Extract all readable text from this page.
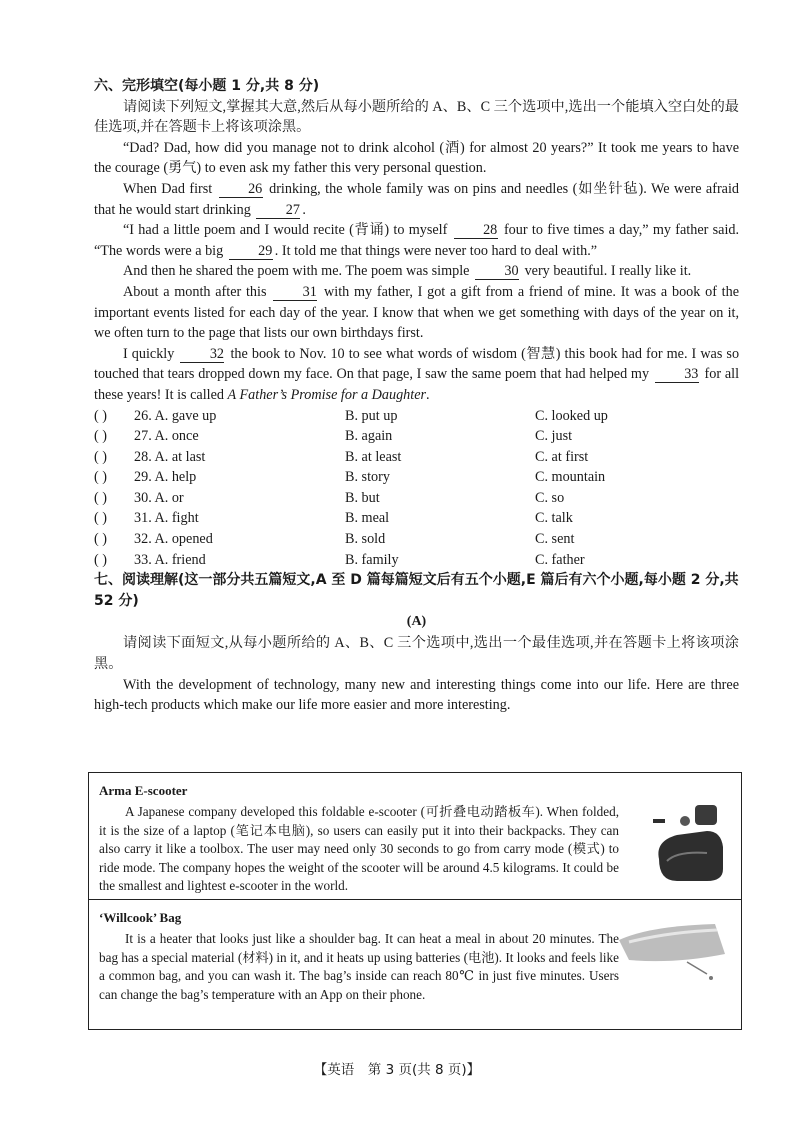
六、完形填空(每小题 1 分,共 8 分)

请阅读下列短文,掌握其大意,然后从每小题所给的 A、B、C 三个选项中,选出一个能填入空白处的最佳选项,并在答题卡上将该项涂黑。

“Dad? Dad, how did you manage not to drink alcohol (酒) for almost 20 years?” It took me years to have the courage (勇气) to even ask my father this very personal question.

When Dad first	26 drinking, the whole family was on pins and needles (如坐针毡). We were afraid that he would start drinking 27 .

“I had a little poem and I would recite (背诵) to myself	28 four to five times a day,” my father said. “The words were a big 29 . It told me that things were never too hard to deal with.”

And then he shared the poem with me. The poem was simple 30 very beautiful. I really like it.

About a month after this	31 with my father, I got a gift from a friend of mine. It was a book of the important events listed for each day of the year. I know that when we get something with days of the year on it, we often turn to the page that lists our own birthdays first.

I quickly 32 the book to Nov. 10 to see what words of wisdom (智慧) this book had for me. I was so touched that tears dropped down my face. On that page, I saw the same poem that had helped my 33 for all these years! It is called A Father’s Promise for a Daughter.

( )	26. A. gave up	B. put up	C. looked up
( )	27. A. once	B. again	C. just
( )	28. A. at last	B. at least	C. at first
( )	29. A. help	B. story	C. mountain
( )	30. A. or	B. but	C. so
( )	31. A. fight	B. meal	C. talk
( )	32. A. opened	B. sold	C. sent
( )	33. A. friend	B. family	C. father

七、阅读理解(这一部分共五篇短文,A 至 D 篇每篇短文后有五个小题,E 篇后有六个小题,每小题 2 分,共 52 分)

(A)

请阅读下面短文,从每小题所给的 A、B、C 三个选项中,选出一个最佳选项,并在答题卡上将该项涂黑。

With the development of technology, many new and interesting things come into our life. Here are three high-tech products which make our life more easier and more interesting.

Arma E-scooter
A Japanese company developed this foldable e-scooter (可折叠电动踏板车). When folded, it is the size of a laptop (笔记本电脑), so users can easily put it into their backpacks. They can also carry it like a toolbox. The user may need only 30 seconds to go from carry mode (模式) to ride mode. The company hopes the weight of the scooter will be around 4.5 kilograms. It could be the smallest and lightest e-scooter in the world.
‘Willcook’ Bag
It is a heater that looks just like a shoulder bag. It can heat a meal in about 20 minutes. The bag has a special material (材料) in it, and it heats up using batteries (电池). It looks and feels like a common bag, and you can wash it. The bag’s inside can reach 80℃ in just five minutes. Users can change the bag’s temperature with an App on their phone.
【英语　第 3 页(共 8 页)】
